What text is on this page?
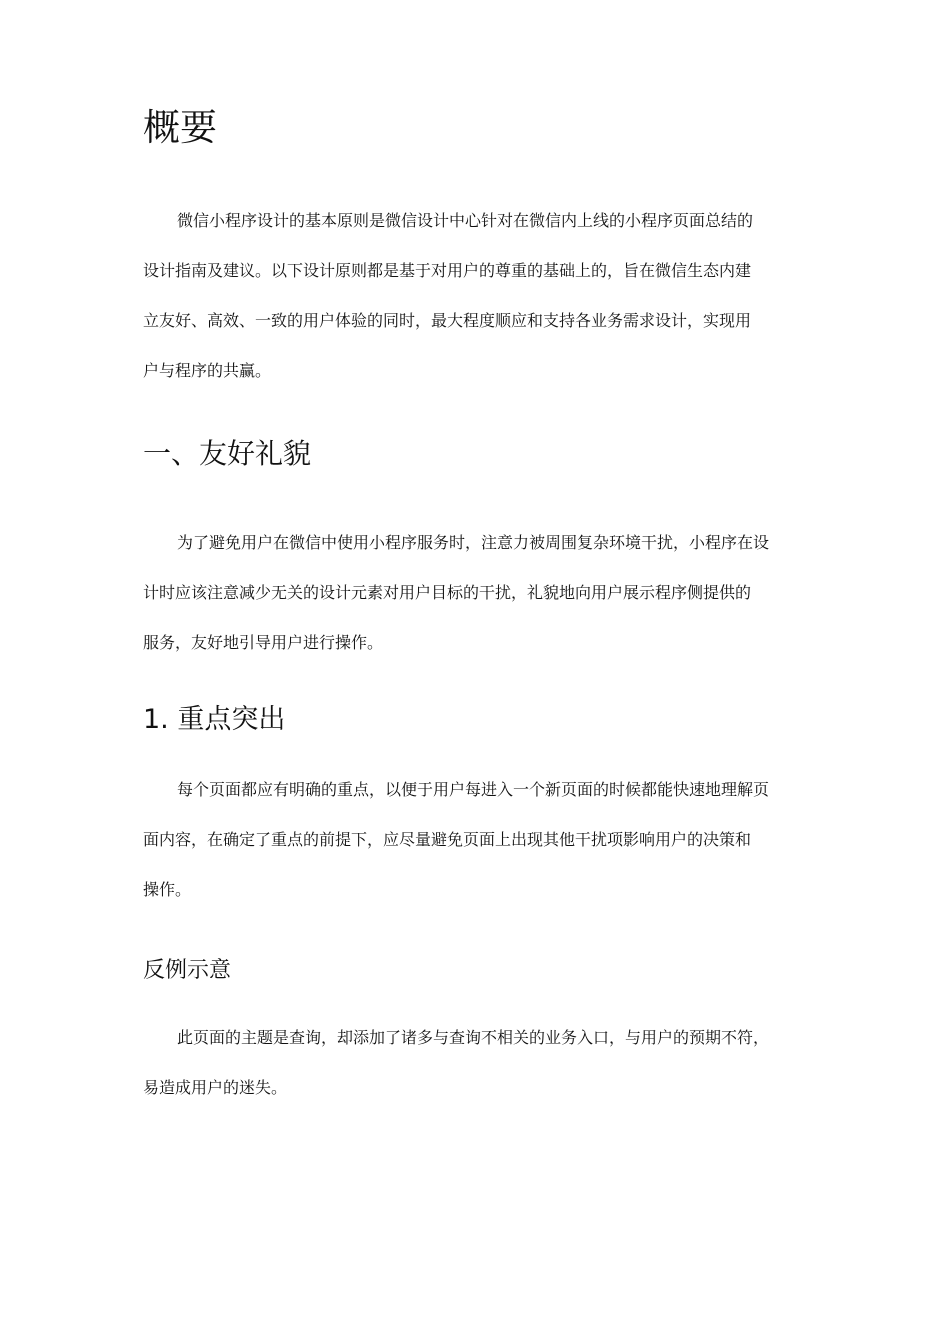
概要
微信小程序设计的基本原则是微信设计中心针对在微信内上线的小程序页面总结的
设计指南及建议。以下设计原则都是基于对用户的尊重的基础上的，旨在微信生态内建
立友好、高效、一致的用户体验的同时，最大程度顺应和支持各业务需求设计，实现用
户与程序的共赢。
一、友好礼貌
为了避免用户在微信中使用小程序服务时，注意力被周围复杂环境干扰，小程序在设
计时应该注意减少无关的设计元素对用户目标的干扰，礼貌地向用户展示程序侧提供的
服务，友好地引导用户进行操作。
1. 重点突出
每个页面都应有明确的重点，以便于用户每进入一个新页面的时候都能快速地理解页
面内容，在确定了重点的前提下，应尽量避免页面上出现其他干扰项影响用户的决策和
操作。
反例示意
此页面的主题是查询，却添加了诸多与查询不相关的业务入口，与用户的预期不符，
易造成用户的迷失。
